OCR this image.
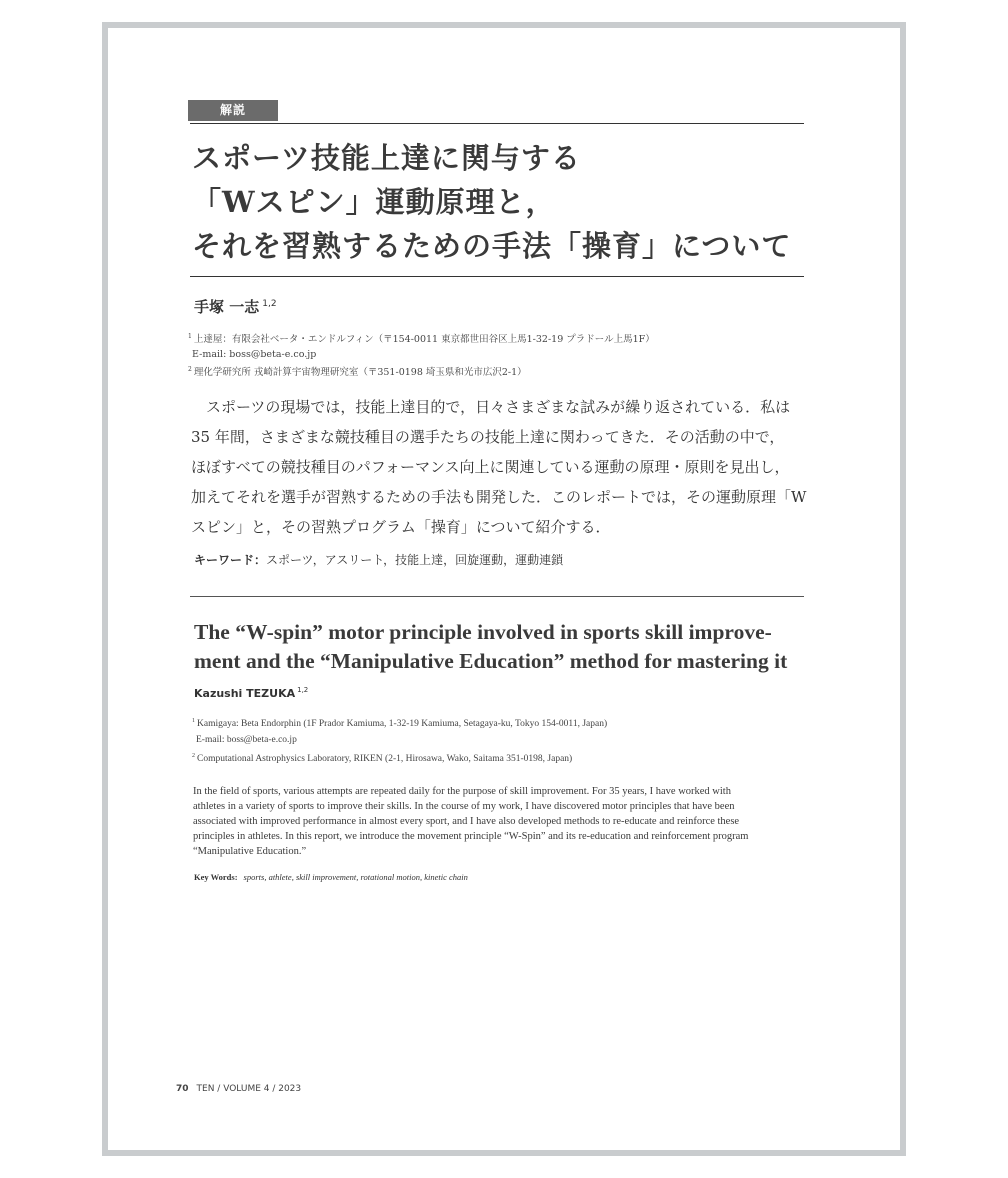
解説
スポーツ技能上達に関与する
「Wスピン」運動原理と，
それを習熟するための手法「操育」について
手塚 一志 $^{1,2}$
$^1$ 上達屋：有限会社ベータ・エンドルフィン（〒154-0011 東京都世田谷区上馬1-32-19 プラドール上馬1F）
E-mail: boss@beta-e.co.jp
$^2$ 理化学研究所 戎崎計算宇宙物理研究室（〒351-0198 埼玉県和光市広沢2-1）
　スポーツの現場では，技能上達目的で，日々さまざまな試みが繰り返されている．私は
35 年間，さまざまな競技種目の選手たちの技能上達に関わってきた．その活動の中で，
ほぼすべての競技種目のパフォーマンス向上に関連している運動の原理・原則を見出し，
加えてそれを選手が習熟するための手法も開発した．このレポートでは，その運動原理「W
スピン」と，その習熟プログラム「操育」について紹介する．
キーワード：スポーツ，アスリート，技能上達，回旋運動，運動連鎖
The “W-spin” motor principle involved in sports skill improve-
ment and the “Manipulative Education” method for mastering it
Kazushi TEZUKA $^{1,2}$
$^1$ Kamigaya: Beta Endorphin (1F Prador Kamiuma, 1-32-19 Kamiuma, Setagaya-ku, Tokyo 154-0011, Japan)
E-mail: boss@beta-e.co.jp
$^2$ Computational Astrophysics Laboratory, RIKEN (2-1, Hirosawa, Wako, Saitama 351-0198, Japan)
In the field of sports, various attempts are repeated daily for the purpose of skill improvement. For 35 years, I have worked with
athletes in a variety of sports to improve their skills. In the course of my work, I have discovered motor principles that have been
associated with improved performance in almost every sport, and I have also developed methods to re-educate and reinforce these
principles in athletes. In this report, we introduce the movement principle “W-Spin” and its re-education and reinforcement program
“Manipulative Education.”
Key Words: sports, athlete, skill improvement, rotational motion, kinetic chain
70 TEN / VOLUME 4 / 2023
